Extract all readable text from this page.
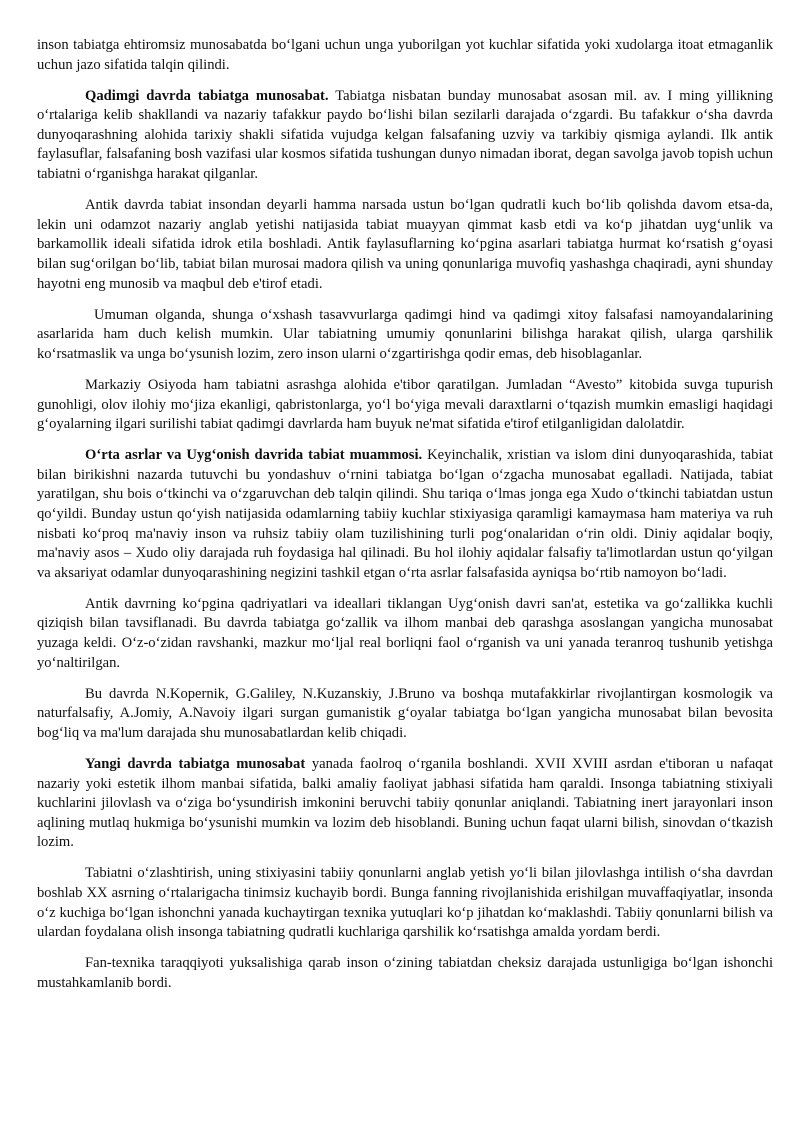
inson tabiatga ehtiromsiz munosabatda bo‘lgani uchun unga yuborilgan yot kuchlar sifatida yoki xudolarga itoat etmaganlik uchun jazo sifatida talqin qilindi.

Qadimgi davrda tabiatga munosabat. Tabiatga nisbatan bunday munosabat asosan mil. av. I ming yillikning o‘rtalariga kelib shakllandi va nazariy tafakkur paydo bo‘lishi bilan sezilarli darajada o‘zgardi. Bu tafakkur o‘sha davrda dunyoqarashning alohida tarixiy shakli sifatida vujudga kelgan falsafaning uzviy va tarkibiy qismiga aylandi. Ilk antik faylasuflar, falsafaning bosh vazifasi ular kosmos sifatida tushungan dunyo nimadan iborat, degan savolga javob topish uchun tabiatni o‘rganishga harakat qilganlar.

Antik davrda tabiat insondan deyarli hamma narsada ustun bo‘lgan qudratli kuch bo‘lib qolishda davom etsa-da, lekin uni odamzot nazariy anglab yetishi natijasida tabiat muayyan qimmat kasb etdi va ko‘p jihatdan uyg‘unlik va barkamollik ideali sifatida idrok etila boshladi. Antik faylasuflarning ko‘pgina asarlari tabiatga hurmat ko‘rsatish g‘oyasi bilan sug‘orilgan bo‘lib, tabiat bilan murosai madora qilish va uning qonunlariga muvofiq yashashga chaqiradi, ayni shunday hayotni eng munosib va maqbul deb e'tirof etadi.

Umuman olganda, shunga o‘xshash tasavvurlarga qadimgi hind va qadimgi xitoy falsafasi namoyandalarining asarlarida ham duch kelish mumkin. Ular tabiatning umumiy qonunlarini bilishga harakat qilish, ularga qarshilik ko‘rsatmaslik va unga bo‘ysunish lozim, zero inson ularni o‘zgartirishga qodir emas, deb hisoblaganlar.

Markaziy Osiyoda ham tabiatni asrashga alohida e'tibor qaratilgan. Jumladan “Avesto” kitobida suvga tupurish gunohligi, olov ilohiy mo‘jiza ekanligi, qabristonlarga, yo‘l bo‘yiga mevali daraxtlarni o‘tqazish mumkin emasligi haqidagi g‘oyalarning ilgari surilishi tabiat qadimgi davrlarda ham buyuk ne'mat sifatida e'tirof etilganligidan dalolatdir.

O‘rta asrlar va Uyg‘onish davrida tabiat muammosi. Keyinchalik, xristian va islom dini dunyoqarashida, tabiat bilan birikishni nazarda tutuvchi bu yondashuv o‘rnini tabiatga bo‘lgan o‘zgacha munosabat egalladi. Natijada, tabiat yaratilgan, shu bois o‘tkinchi va o‘zgaruvchan deb talqin qilindi. Shu tariqa o‘lmas jonga ega Xudo o‘tkinchi tabiatdan ustun qo‘yildi. Bunday ustun qo‘yish natijasida odamlarning tabiiy kuchlar stixiyasiga qaramligi kamaymasa ham materiya va ruh nisbati ko‘proq ma'naviy inson va ruhsiz tabiiy olam tuzilishining turli pog‘onalaridan o‘rin oldi. Diniy aqidalar boqiy, ma'naviy asos – Xudo oliy darajada ruh foydasiga hal qilinadi. Bu hol ilohiy aqidalar falsafiy ta'limotlardan ustun qo‘yilgan va aksariyat odamlar dunyoqarashining negizini tashkil etgan o‘rta asrlar falsafasida ayniqsa bo‘rtib namoyon bo‘ladi.

Antik davrning ko‘pgina qadriyatlari va ideallari tiklangan Uyg‘onish davri san'at, estetika va go‘zallikka kuchli qiziqish bilan tavsiflanadi. Bu davrda tabiatga go‘zallik va ilhom manbai deb qarashga asoslangan yangicha munosabat yuzaga keldi. O‘z-o‘zidan ravshanki, mazkur mo‘ljal real borliqni faol o‘rganish va uni yanada teranroq tushunib yetishga yo‘naltirilgan.

Bu davrda N.Kopernik, G.Galiley, N.Kuzanskiy, J.Bruno va boshqa mutafakkirlar rivojlantirgan kosmologik va naturfalsafiy, A.Jomiy, A.Navoiy ilgari surgan gumanistik g‘oyalar tabiatga bo‘lgan yangicha munosabat bilan bevosita bog‘liq va ma'lum darajada shu munosabatlardan kelib chiqadi.

Yangi davrda tabiatga munosabat yanada faolroq o‘rganila boshlandi. XVII XVIII asrdan e'tiboran u nafaqat nazariy yoki estetik ilhom manbai sifatida, balki amaliy faoliyat jabhasi sifatida ham qaraldi. Insonga tabiatning stixiyali kuchlarini jilovlash va o‘ziga bo‘ysundirish imkonini beruvchi tabiiy qonunlar aniqlandi. Tabiatning inert jarayonlari inson aqlining mutlaq hukmiga bo‘ysunishi mumkin va lozim deb hisoblandi. Buning uchun faqat ularni bilish, sinovdan o‘tkazish lozim.

Tabiatni o‘zlashtirish, uning stixiyasini tabiiy qonunlarni anglab yetish yo‘li bilan jilovlashga intilish o‘sha davrdan boshlab XX asrning o‘rtalarigacha tinimsiz kuchayib bordi. Bunga fanning rivojlanishida erishilgan muvaffaqiyatlar, insonda o‘z kuchiga bo‘lgan ishonchni yanada kuchaytirgan texnika yutuqlari ko‘p jihatdan ko‘maklashdi. Tabiiy qonunlarni bilish va ulardan foydalana olish insonga tabiatning qudratli kuchlariga qarshilik ko‘rsatishga amalda yordam berdi.

Fan-texnika taraqqiyoti yuksalishiga qarab inson o‘zining tabiatdan cheksiz darajada ustunligiga bo‘lgan ishonchi mustahkamlanib bordi.
